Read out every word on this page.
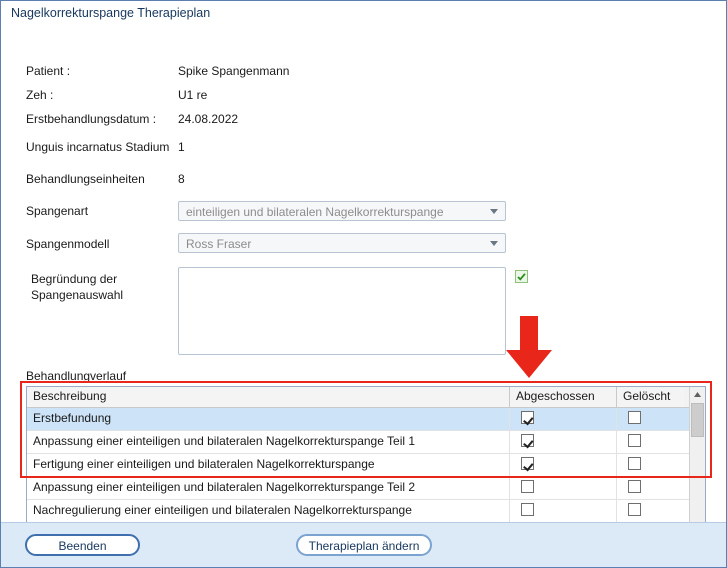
Nagelkorrekturspange Therapieplan
Patient :	Spike Spangenmann
Zeh :	U1 re
Erstbehandlungsdatum : 24.08.2022
Unguis incarnatus Stadium 1
Behandlungseinheiten	8
Spangenart	einteiligen und bilateralen Nagelkorrekturspange
Spangenmodell	Ross Fraser
Begründung der
Spangenauswahl
Behandlungverlauf
Beschreibung	Abgeschossen	Gelöscht
Erstbefundung
Anpassung einer einteiligen und bilateralen Nagelkorrekturspange Teil 1
Fertigung einer einteiligen und bilateralen Nagelkorrekturspange
Anpassung einer einteiligen und bilateralen Nagelkorrekturspange Teil 2
Nachregulierung einer einteiligen und bilateralen Nagelkorrekturspange
Beenden	Therapieplan ändern
